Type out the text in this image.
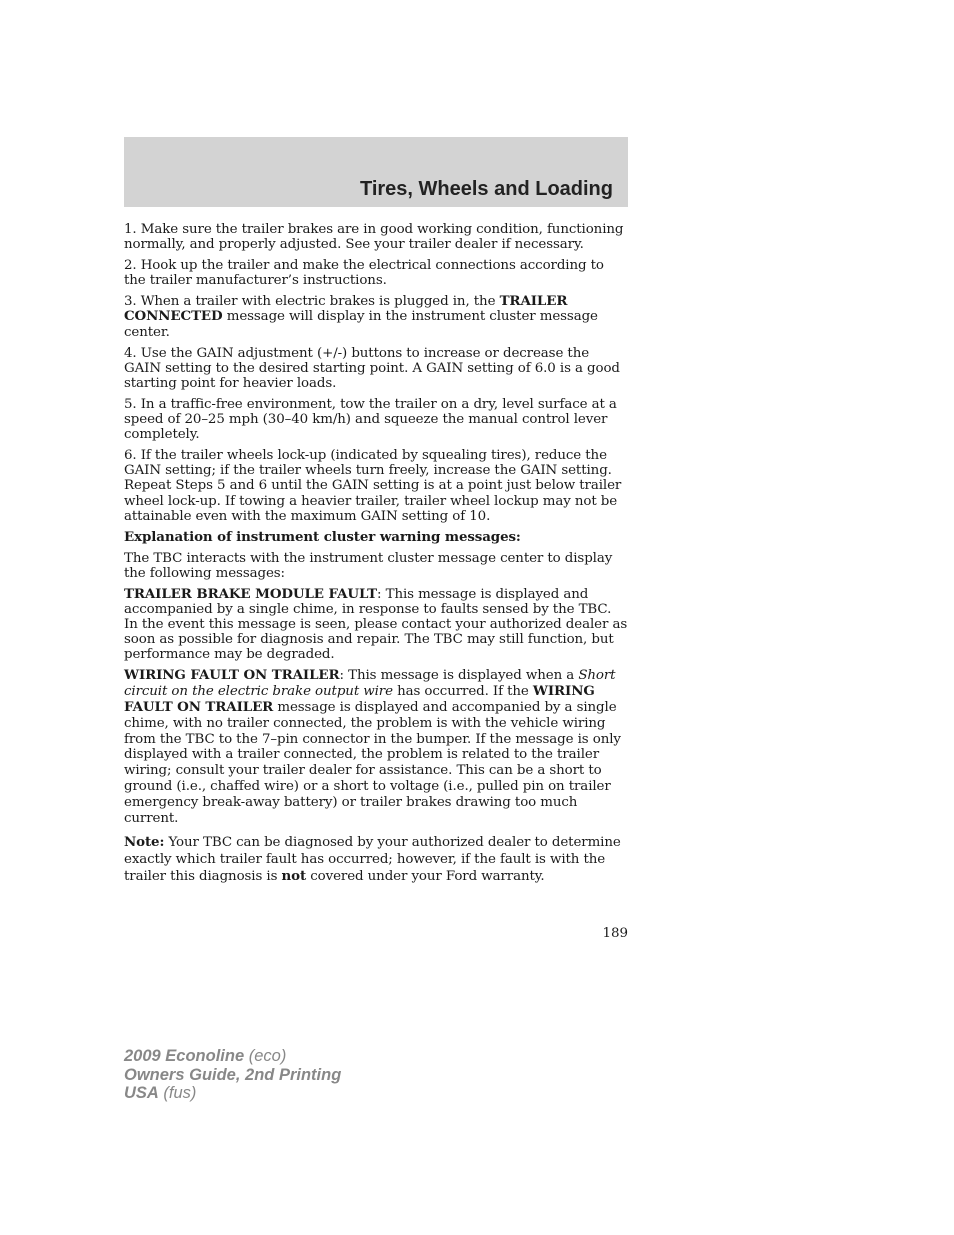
Tires, Wheels and Loading

1. Make sure the trailer brakes are in good working condition, functioning normally, and properly adjusted. See your trailer dealer if necessary.

2. Hook up the trailer and make the electrical connections according to the trailer manufacturer’s instructions.

3. When a trailer with electric brakes is plugged in, the TRAILER CONNECTED message will display in the instrument cluster message center.

4. Use the GAIN adjustment (+/-) buttons to increase or decrease the GAIN setting to the desired starting point. A GAIN setting of 6.0 is a good starting point for heavier loads.

5. In a traffic-free environment, tow the trailer on a dry, level surface at a speed of 20–25 mph (30–40 km/h) and squeeze the manual control lever completely.

6. If the trailer wheels lock-up (indicated by squealing tires), reduce the GAIN setting; if the trailer wheels turn freely, increase the GAIN setting. Repeat Steps 5 and 6 until the GAIN setting is at a point just below trailer wheel lock-up. If towing a heavier trailer, trailer wheel lockup may not be attainable even with the maximum GAIN setting of 10.

Explanation of instrument cluster warning messages:

The TBC interacts with the instrument cluster message center to display the following messages:

TRAILER BRAKE MODULE FAULT: This message is displayed and accompanied by a single chime, in response to faults sensed by the TBC. In the event this message is seen, please contact your authorized dealer as soon as possible for diagnosis and repair. The TBC may still function, but performance may be degraded.

WIRING FAULT ON TRAILER: This message is displayed when a Short circuit on the electric brake output wire has occurred. If the WIRING FAULT ON TRAILER message is displayed and accompanied by a single chime, with no trailer connected, the problem is with the vehicle wiring from the TBC to the 7–pin connector in the bumper. If the message is only displayed with a trailer connected, the problem is related to the trailer wiring; consult your trailer dealer for assistance. This can be a short to ground (i.e., chaffed wire) or a short to voltage (i.e., pulled pin on trailer emergency break-away battery) or trailer brakes drawing too much current.

Note: Your TBC can be diagnosed by your authorized dealer to determine exactly which trailer fault has occurred; however, if the fault is with the trailer this diagnosis is not covered under your Ford warranty.

189
2009 Econoline (eco)
Owners Guide, 2nd Printing
USA (fus)
